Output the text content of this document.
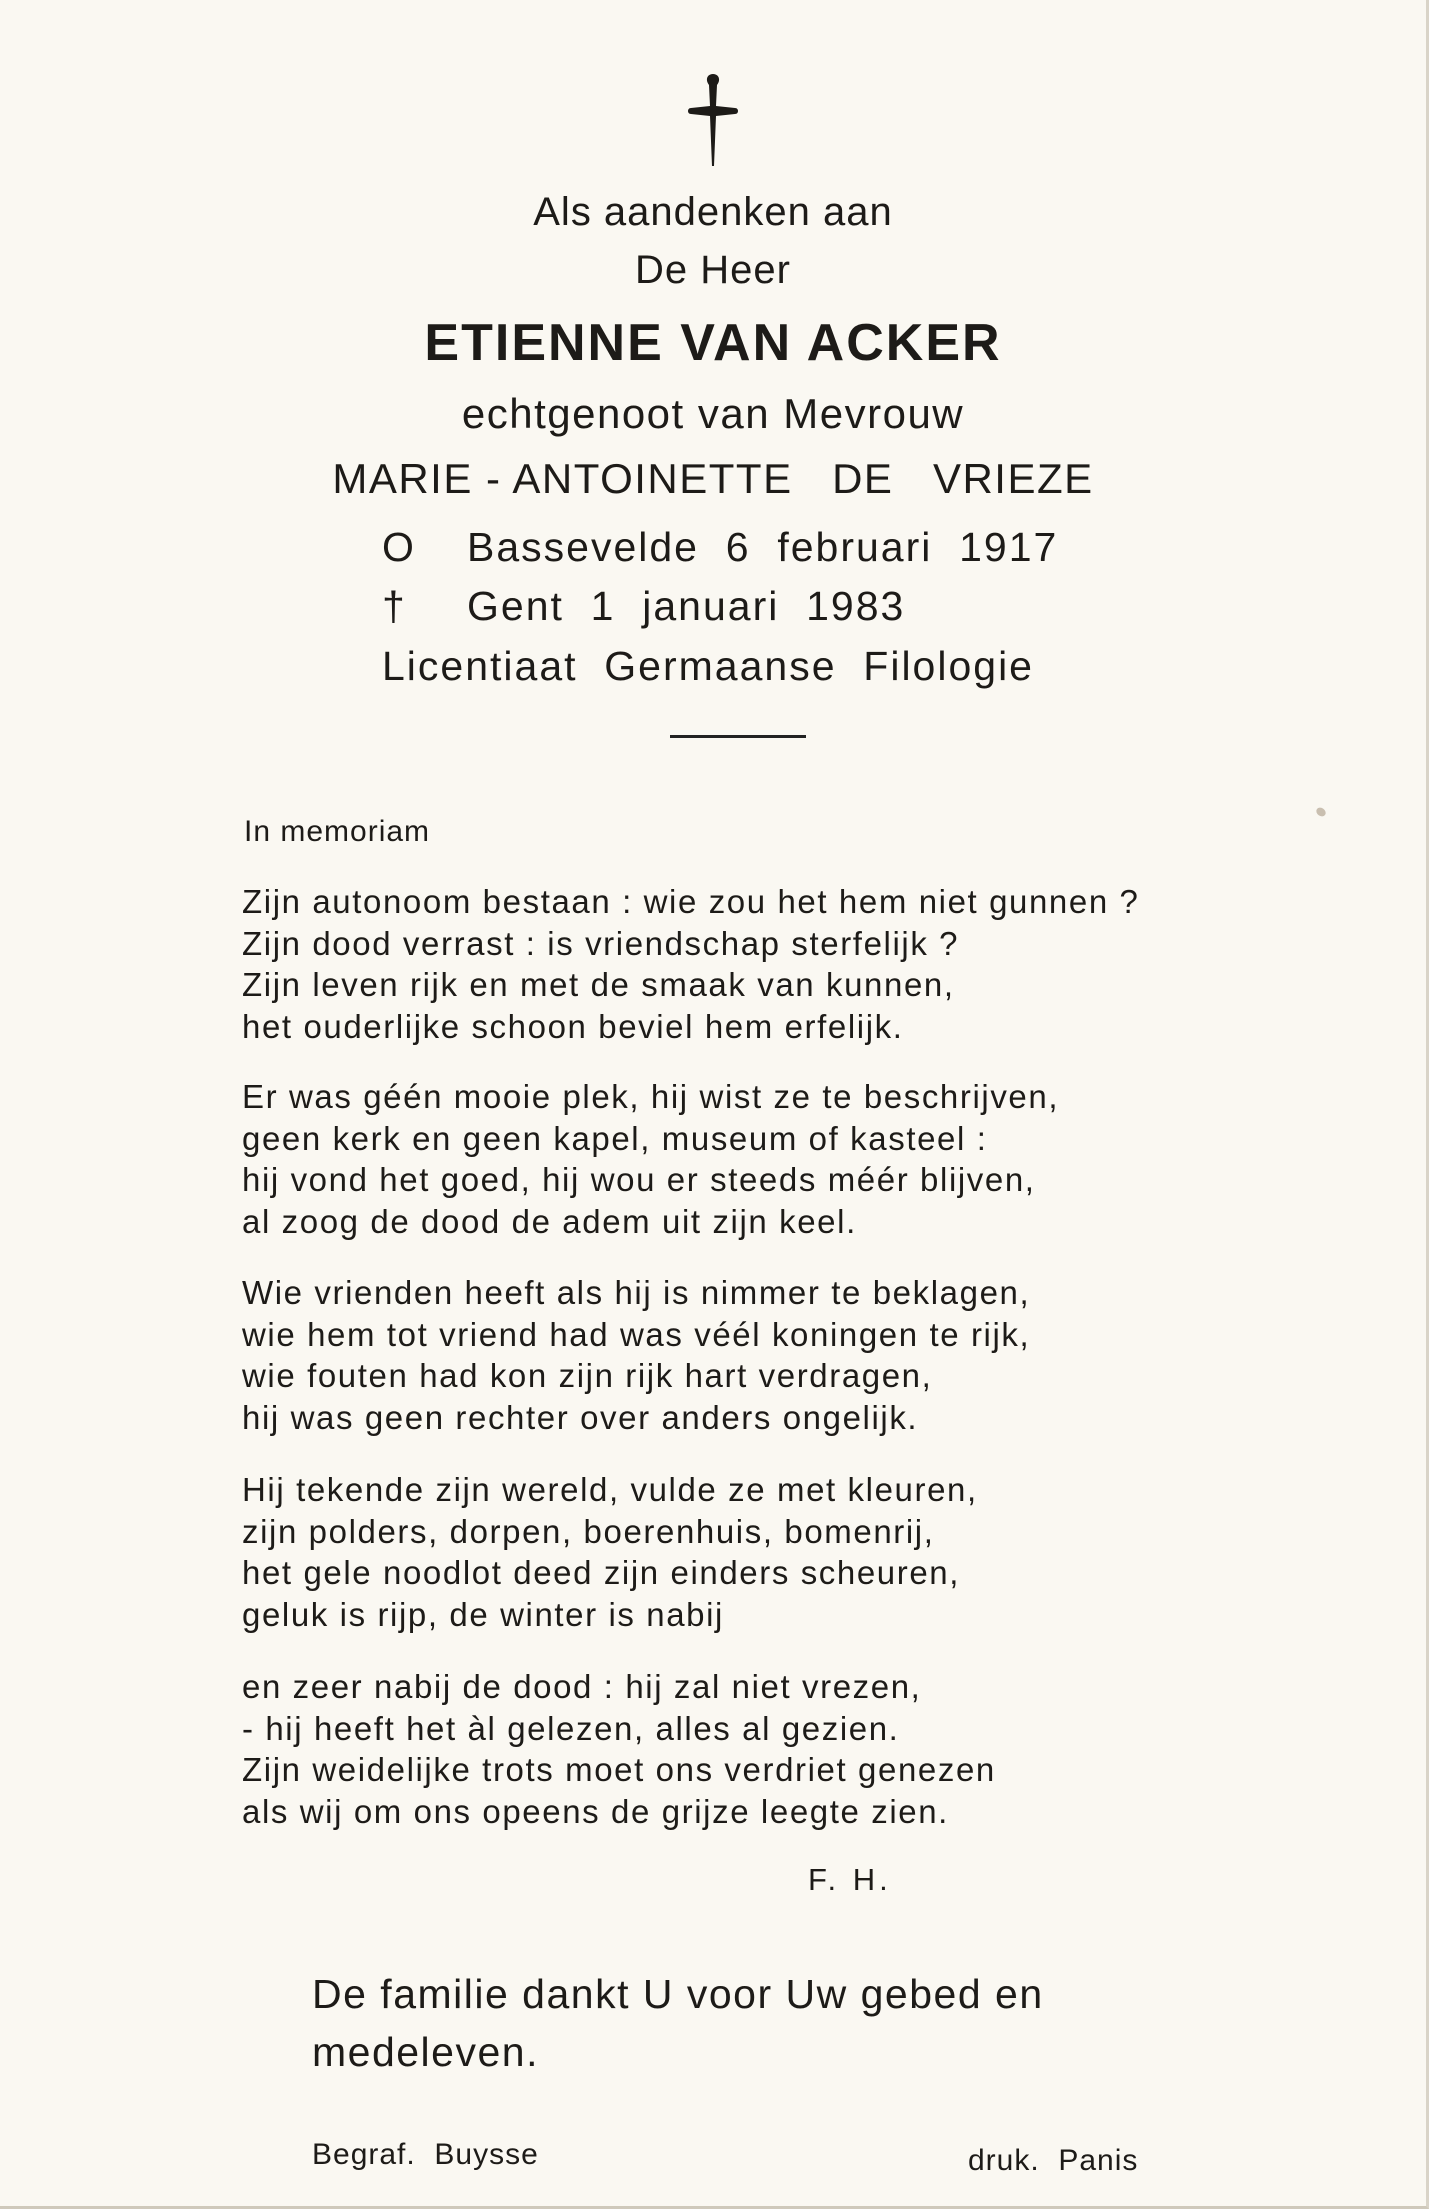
Als aandenken aan
De Heer
ETIENNE VAN ACKER
echtgenoot van Mevrouw
MARIE - ANTOINETTE   DE   VRIEZE
O Bassevelde  6  februari  1917
† Gent  1  januari  1983
Licentiaat  Germaanse  Filologie
In memoriam
Zijn autonoom bestaan : wie zou het hem niet gunnen ?
Zijn dood verrast : is vriendschap sterfelijk ?
Zijn leven rijk en met de smaak van kunnen,
het ouderlijke schoon beviel hem erfelijk.
Er was géén mooie plek, hij wist ze te beschrijven,
geen kerk en geen kapel, museum of kasteel :
hij vond het goed, hij wou er steeds méér blijven,
al zoog de dood de adem uit zijn keel.
Wie vrienden heeft als hij is nimmer te beklagen,
wie hem tot vriend had was véél koningen te rijk,
wie fouten had kon zijn rijk hart verdragen,
hij was geen rechter over anders ongelijk.
Hij tekende zijn wereld, vulde ze met kleuren,
zijn polders, dorpen, boerenhuis, bomenrij,
het gele noodlot deed zijn einders scheuren,
geluk is rijp, de winter is nabij
en zeer nabij de dood : hij zal niet vrezen,
- hij heeft het àl gelezen, alles al gezien.
Zijn weidelijke trots moet ons verdriet genezen
als wij om ons opeens de grijze leegte zien.
F. H.
De familie dankt U voor Uw gebed en
medeleven.
Begraf.  Buysse	druk.  Panis
